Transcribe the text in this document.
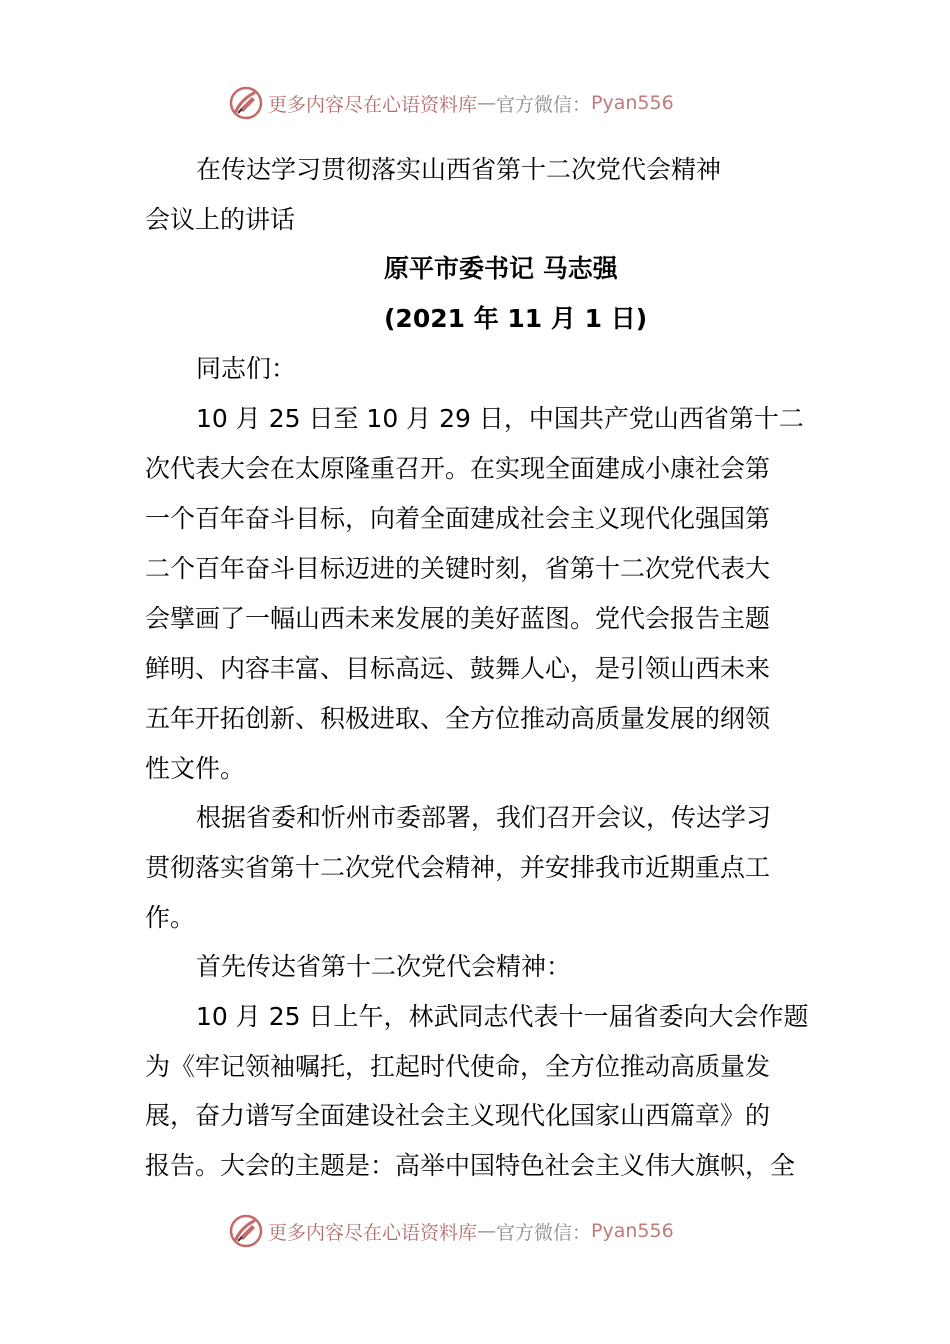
更多内容尽在心语资料库 — 官方微信： Pyan556
在传达学习贯彻落实山西省第十二次党代会精神
会议上的讲话
原平市委书记 马志强
(2021 年 11 月 1 日)
同志们：
10 月 25 日至 10 月 29 日，中国共产党山西省第十二
次代表大会在太原隆重召开。在实现全面建成小康社会第
一个百年奋斗目标，向着全面建成社会主义现代化强国第
二个百年奋斗目标迈进的关键时刻，省第十二次党代表大
会擘画了一幅山西未来发展的美好蓝图。党代会报告主题
鲜明、内容丰富、目标高远、鼓舞人心，是引领山西未来
五年开拓创新、积极进取、全方位推动高质量发展的纲领
性文件。
根据省委和忻州市委部署，我们召开会议，传达学习
贯彻落实省第十二次党代会精神，并安排我市近期重点工
作。
首先传达省第十二次党代会精神：
10 月 25 日上午，林武同志代表十一届省委向大会作题
为《牢记领袖嘱托，扛起时代使命，全方位推动高质量发
展，奋力谱写全面建设社会主义现代化国家山西篇章》的
报告。大会的主题是：高举中国特色社会主义伟大旗帜，全
更多内容尽在心语资料库 — 官方微信： Pyan556
